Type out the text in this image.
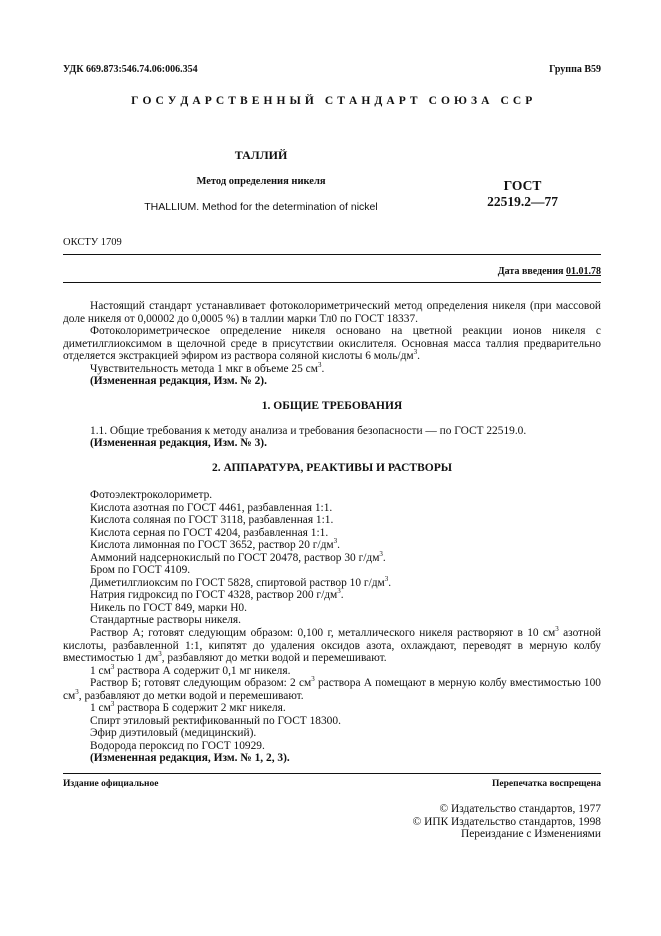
УДК 669.873:546.74.06:006.354	Группа В59
Г О С У Д А Р С Т В Е Н Н Ы Й   С Т А Н Д А Р Т   С О Ю З А   С С Р
ТАЛЛИЙ
Метод определения никеля
THALLIUM. Method for the determination of nickel
ГОСТ
22519.2—77
ОКСТУ 1709
Дата введения 01.01.78

Настоящий стандарт устанавливает фотоколориметрический метод определения никеля (при массовой доле никеля от 0,00002 до 0,0005 %) в таллии марки Тл0 по ГОСТ 18337.

Фотоколориметрическое определение никеля основано на цветной реакции ионов никеля с диметилглиоксимом в щелочной среде в присутствии окислителя. Основная масса таллия предварительно отделяется экстракцией эфиром из раствора соляной кислоты 6 моль/$дм^3$.

Чувствительность метода 1 мкг в объеме 25 $см^3$.

(Измененная редакция, Изм. № 2).

1. ОБЩИЕ ТРЕБОВАНИЯ

1.1. Общие требования к методу анализа и требования безопасности — по ГОСТ 22519.0.

(Измененная редакция, Изм. № 3).

2. АППАРАТУРА, РЕАКТИВЫ И РАСТВОРЫ

Фотоэлектроколориметр.

Кислота азотная по ГОСТ 4461, разбавленная 1:1.

Кислота соляная по ГОСТ 3118, разбавленная 1:1.

Кислота серная по ГОСТ 4204, разбавленная 1:1.

Кислота лимонная по ГОСТ 3652, раствор 20 $г/дм^3$.

Аммоний надсернокислый по ГОСТ 20478, раствор 30 $г/дм^3$.

Бром по ГОСТ 4109.

Диметилглиоксим по ГОСТ 5828, спиртовой раствор 10 $г/дм^3$.

Натрия гидроксид по ГОСТ 4328, раствор 200 $г/дм^3$.

Никель по ГОСТ 849, марки Н0.

Стандартные растворы никеля.

Раствор А; готовят следующим образом: 0,100 г, металлического никеля растворяют в 10 $см^3$ азотной кислоты, разбавленной 1:1, кипятят до удаления оксидов азота, охлаждают, переводят в мерную колбу вместимостью 1 $дм^3$, разбавляют до метки водой и перемешивают.

1 $см^3$ раствора А содержит 0,1 мг никеля.

Раствор Б; готовят следующим образом: 2 $см^3$ раствора А помещают в мерную колбу вместимостью 100 $см^3$, разбавляют до метки водой и перемешивают.

1 $см^3$ раствора Б содержит 2 мкг никеля.

Спирт этиловый ректификованный по ГОСТ 18300.

Эфир диэтиловый (медицинский).

Водорода пероксид по ГОСТ 10929.

(Измененная редакция, Изм. № 1, 2, 3).

Издание официальное	Перепечатка воспрещена
© Издательство стандартов, 1977
© ИПК Издательство стандартов, 1998
Переиздание с Изменениями
